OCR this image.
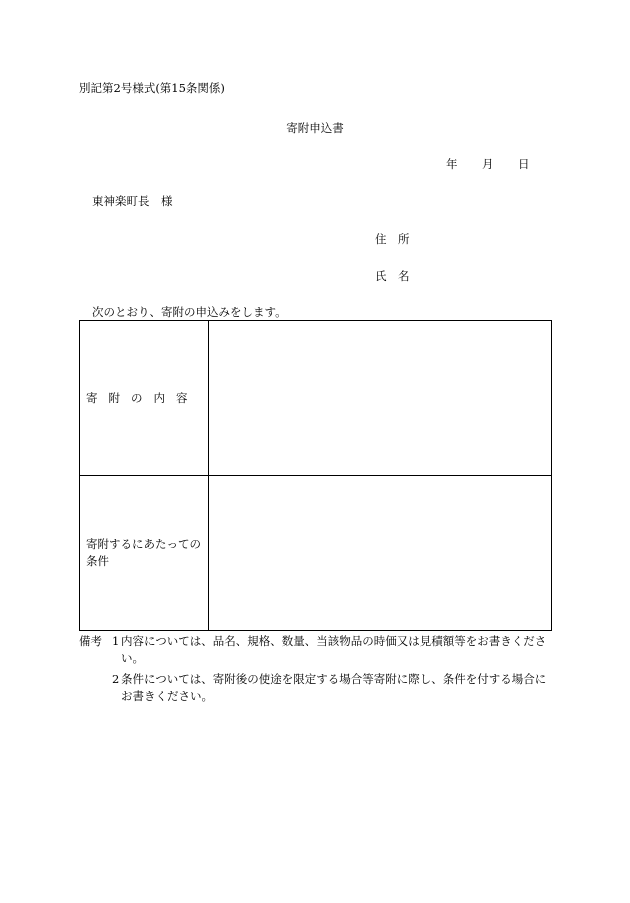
別記第2号様式(第15条関係)
寄附申込書
年 月 日
東神楽町長　様
住　所
氏　名
次のとおり、寄附の申込みをします。
寄附の内容	
寄附するにあたっての条件	
備考 1 内容については、品名、規格、数量、当該物品の時価又は見積額等をお書きください。
2 条件については、寄附後の使途を限定する場合等寄附に際し、条件を付する場合にお書きください。
